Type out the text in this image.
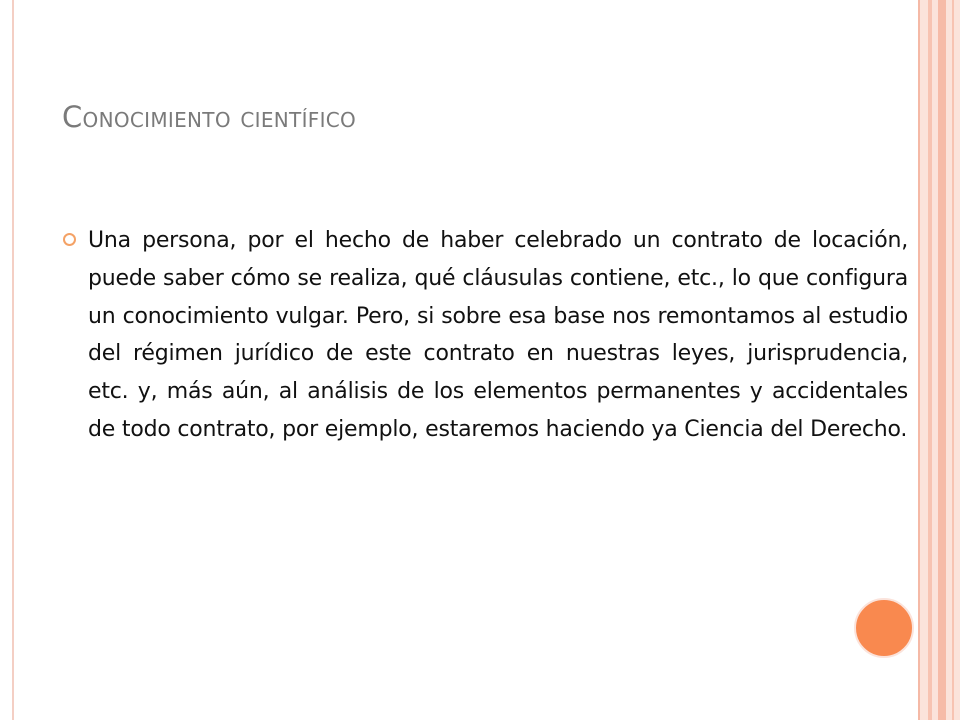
Conocimiento científico
Una persona, por el hecho de haber celebrado un contrato de locación, puede saber cómo se realiza, qué cláusulas contiene, etc., lo que configura un conocimiento vulgar. Pero, si sobre esa base nos remontamos al estudio del régimen jurídico de este contrato en nuestras leyes, jurisprudencia, etc. y, más aún, al análisis de los elementos permanentes y accidentales de todo contrato, por ejemplo, estaremos haciendo ya Ciencia del Derecho.
